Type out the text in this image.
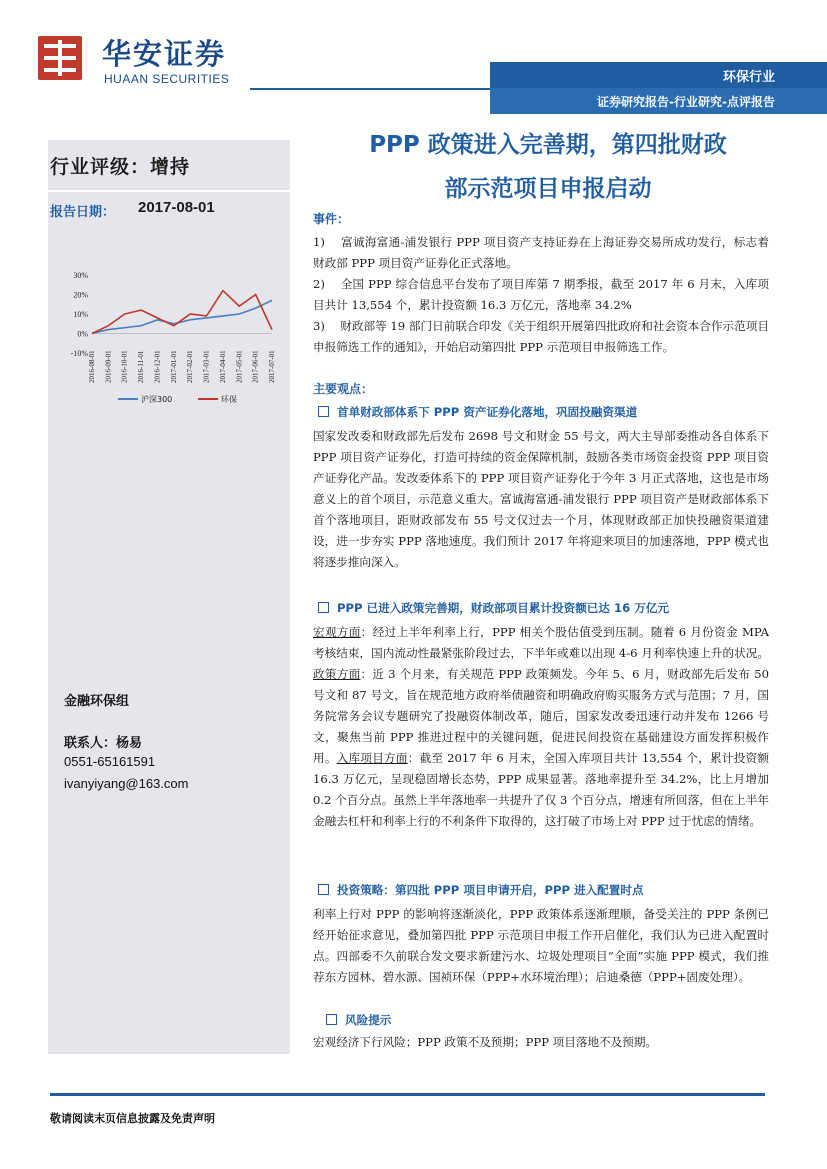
华安证券
HUAAN SECURITIES	环保行业
证券研究报告-行业研究-点评报告
行业评级：增持
报告日期： 2017-08-01
30%
20%
10%
0%
-10% 2016-08-01 2016-09-01 2016-10-01 2016-11-01 2016-12-01 2017-01-01 2017-02-01 2017-03-01 2017-04-01 2017-05-01 2017-06-01 2017-07-01
沪深300	环保
金融环保组
联系人：杨易
0551-65161591
ivanyiyang@163.com
PPP 政策进入完善期，第四批财政
部示范项目申报启动
事件：
1)　 富诚海富通-浦发银行 PPP 项目资产支持证券在上海证券交易所成功发行，标志着财政部 PPP 项目资产证券化正式落地。
2)　 全国 PPP 综合信息平台发布了项目库第 7 期季报，截至 2017 年 6 月末，入库项目共计 13,554 个，累计投资额 16.3 万亿元，落地率 34.2%
3)　 财政部等 19 部门日前联合印发《关于组织开展第四批政府和社会资本合作示范项目申报筛选工作的通知》，开始启动第四批 PPP 示范项目申报筛选工作。
主要观点：
首单财政部体系下 PPP 资产证券化落地，巩固投融资渠道
国家发改委和财政部先后发布 2698 号文和财金 55 号文，两大主导部委推动各自体系下 PPP 项目资产证券化，打造可持续的资金保障机制，鼓励各类市场资金投资 PPP 项目资产证券化产品。发改委体系下的 PPP 项目资产证券化于今年 3 月正式落地，这也是市场意义上的首个项目，示范意义重大。富诚海富通-浦发银行 PPP 项目资产是财政部体系下首个落地项目，距财政部发布 55 号文仅过去一个月，体现财政部正加快投融资渠道建设，进一步夯实 PPP 落地速度。我们预计 2017 年将迎来项目的加速落地，PPP 模式也将逐步推向深入。
PPP 已进入政策完善期，财政部项目累计投资额已达 16 万亿元
宏观方面：经过上半年利率上行，PPP 相关个股估值受到压制。随着 6 月份资金 MPA 考核结束，国内流动性最紧张阶段过去，下半年或难以出现 4-6 月利率快速上升的状况。政策方面：近 3 个月来，有关规范 PPP 政策频发。今年 5、6 月，财政部先后发布 50 号文和 87 号文，旨在规范地方政府举债融资和明确政府购买服务方式与范围；7 月，国务院常务会议专题研究了投融资体制改革，随后，国家发改委迅速行动并发布 1266 号文，聚焦当前 PPP 推进过程中的关键问题，促进民间投资在基础建设方面发挥积极作用。入库项目方面：截至 2017 年 6 月末，全国入库项目共计 13,554 个，累计投资额 16.3 万亿元，呈现稳固增长态势，PPP 成果显著。落地率提升至 34.2%，比上月增加 0.2 个百分点。虽然上半年落地率一共提升了仅 3 个百分点，增速有所回落，但在上半年金融去杠杆和利率上行的不利条件下取得的，这打破了市场上对 PPP 过于忧虑的情绪。
投资策略：第四批 PPP 项目申请开启，PPP 进入配置时点
利率上行对 PPP 的影响将逐渐淡化，PPP 政策体系逐渐理顺，备受关注的 PPP 条例已经开始征求意见，叠加第四批 PPP 示范项目申报工作开启催化，我们认为已进入配置时点。四部委不久前联合发文要求新建污水、垃圾处理项目“全面”实施 PPP 模式，我们推荐东方园林、碧水源、国祯环保（PPP+水环境治理）；启迪桑德（PPP+固废处理）。
风险提示
宏观经济下行风险；PPP 政策不及预期；PPP 项目落地不及预期。
敬请阅读末页信息披露及免责声明
